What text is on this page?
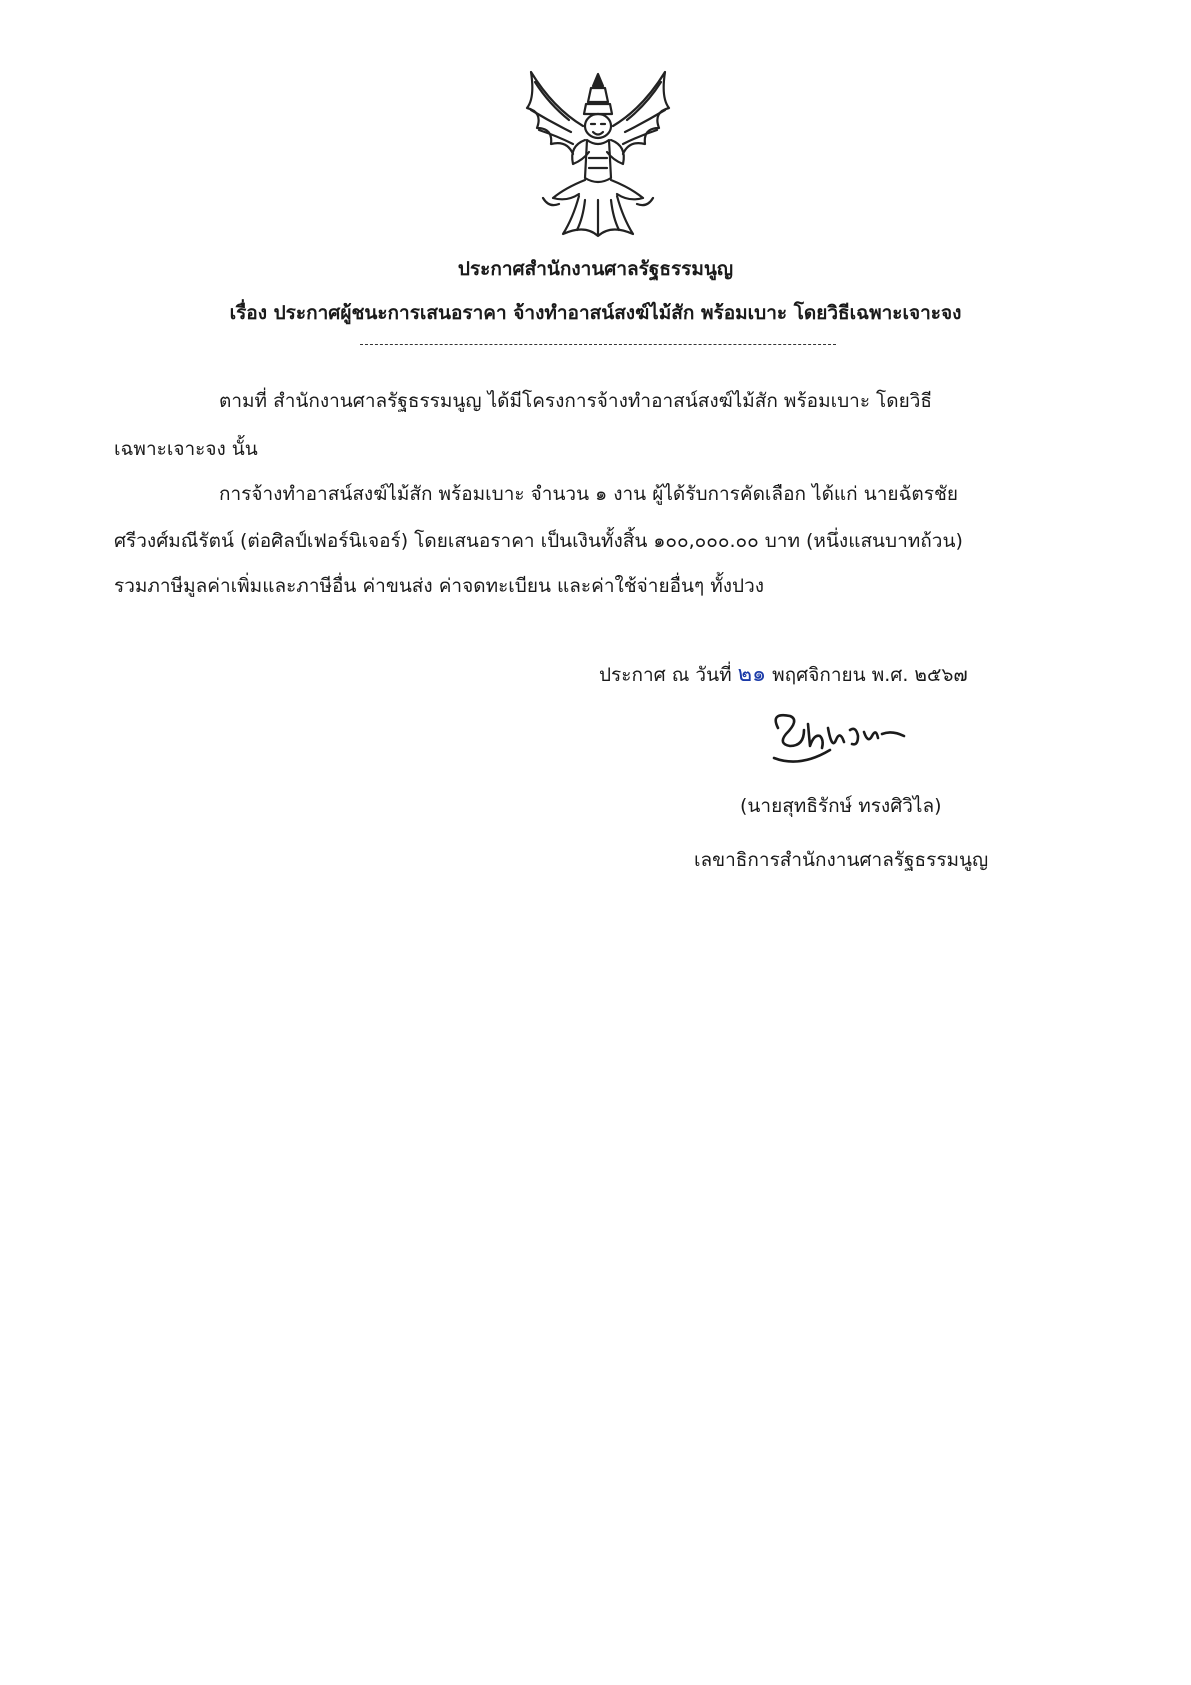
ประกาศสำนักงานศาลรัฐธรรมนูญ
เรื่อง ประกาศผู้ชนะการเสนอราคา จ้างทำอาสน์สงฆ์ไม้สัก พร้อมเบาะ โดยวิธีเฉพาะเจาะจง
ตามที่ สำนักงานศาลรัฐธรรมนูญ ได้มีโครงการจ้างทำอาสน์สงฆ์ไม้สัก พร้อมเบาะ โดยวิธี
เฉพาะเจาะจง นั้น
การจ้างทำอาสน์สงฆ์ไม้สัก พร้อมเบาะ จำนวน ๑ งาน ผู้ได้รับการคัดเลือก ได้แก่ นายฉัตรชัย
ศรีวงศ์มณีรัตน์ (ต่อศิลป์เฟอร์นิเจอร์) โดยเสนอราคา เป็นเงินทั้งสิ้น ๑๐๐,๐๐๐.๐๐ บาท (หนึ่งแสนบาทถ้วน)
รวมภาษีมูลค่าเพิ่มและภาษีอื่น ค่าขนส่ง ค่าจดทะเบียน และค่าใช้จ่ายอื่นๆ ทั้งปวง
ประกาศ ณ วันที่ ๒๑ พฤศจิกายน พ.ศ. ๒๕๖๗
(นายสุทธิรักษ์ ทรงศิวิไล)
เลขาธิการสำนักงานศาลรัฐธรรมนูญ
